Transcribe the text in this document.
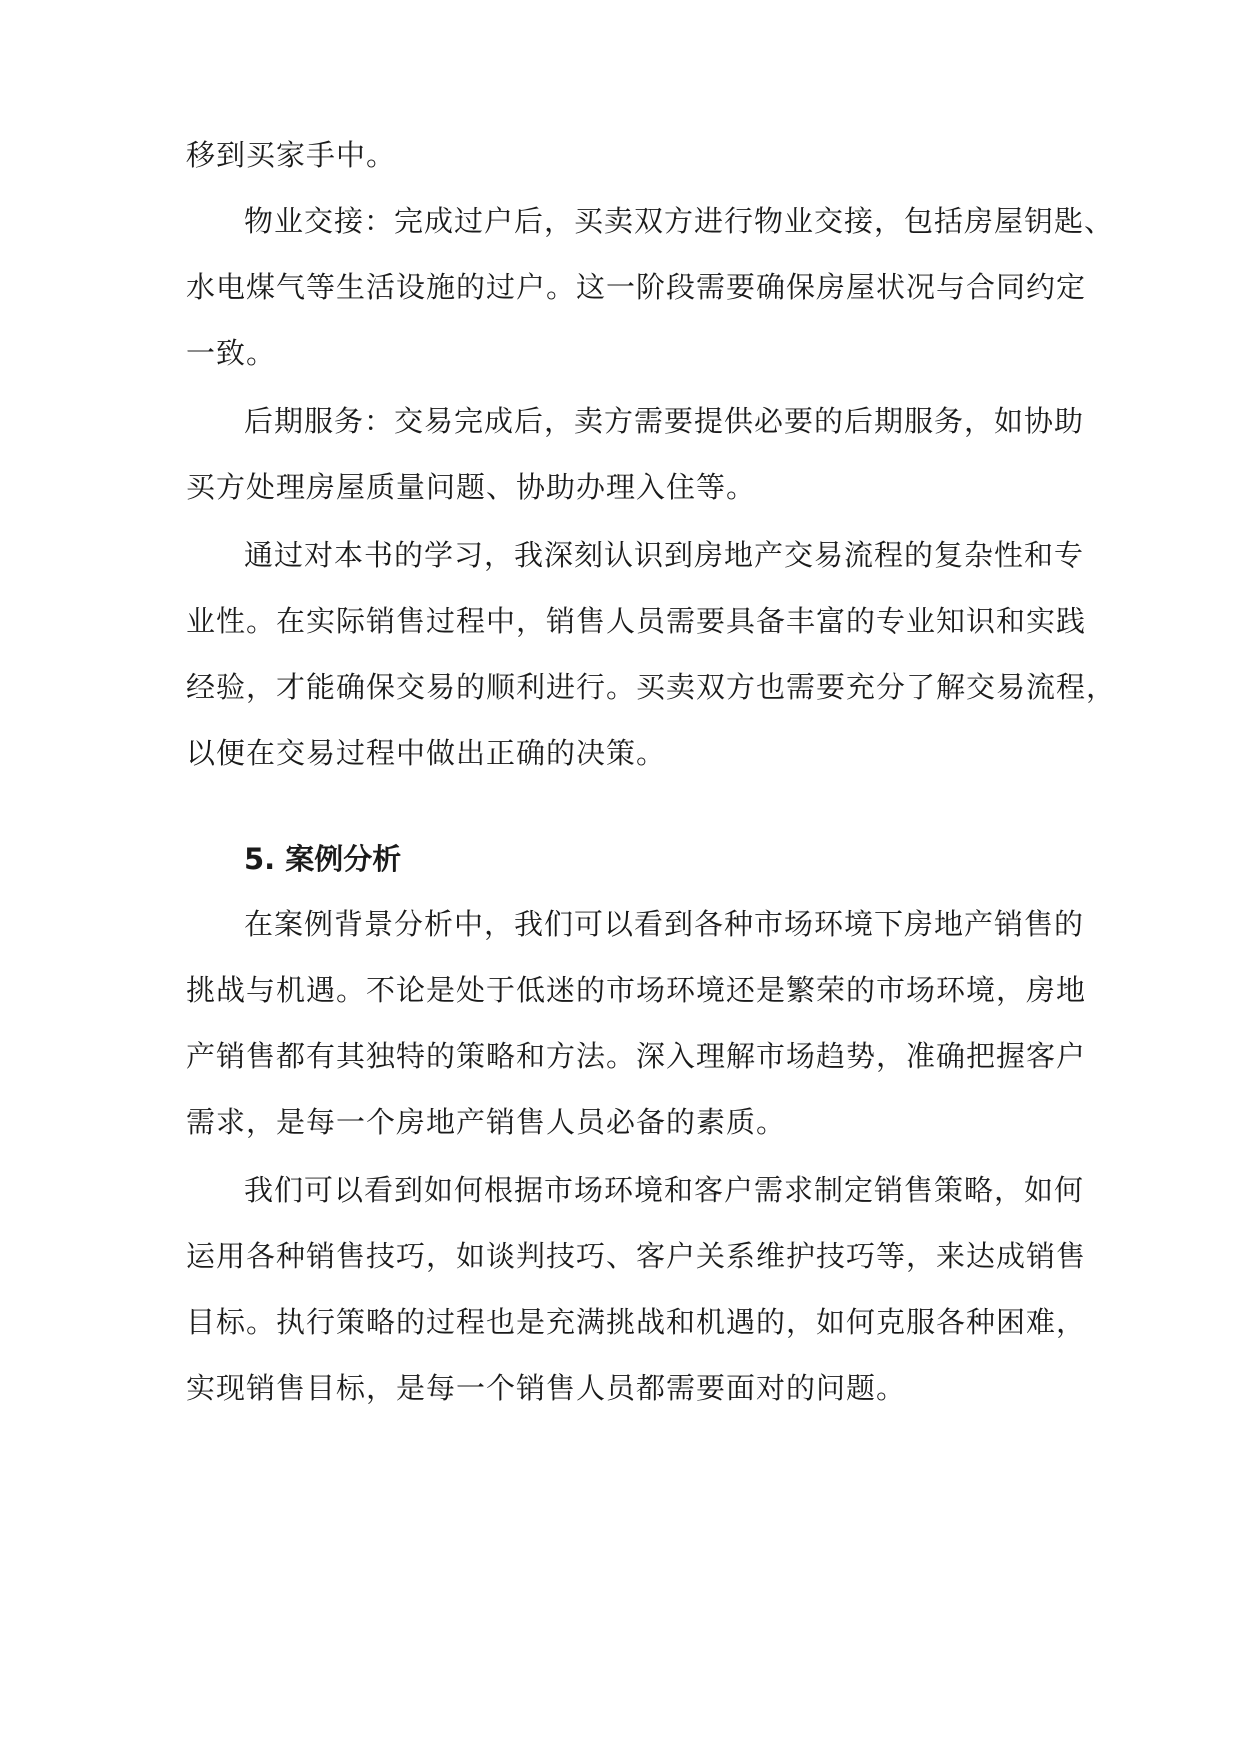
移到买家手中。
物业交接：完成过户后，买卖双方进行物业交接，包括房屋钥匙、
水电煤气等生活设施的过户。这一阶段需要确保房屋状况与合同约定
一致。
后期服务：交易完成后，卖方需要提供必要的后期服务，如协助
买方处理房屋质量问题、协助办理入住等。
通过对本书的学习，我深刻认识到房地产交易流程的复杂性和专
业性。在实际销售过程中，销售人员需要具备丰富的专业知识和实践
经验，才能确保交易的顺利进行。买卖双方也需要充分了解交易流程，
以便在交易过程中做出正确的决策。
5. 案例分析
在案例背景分析中，我们可以看到各种市场环境下房地产销售的
挑战与机遇。不论是处于低迷的市场环境还是繁荣的市场环境，房地
产销售都有其独特的策略和方法。深入理解市场趋势，准确把握客户
需求，是每一个房地产销售人员必备的素质。
我们可以看到如何根据市场环境和客户需求制定销售策略，如何
运用各种销售技巧，如谈判技巧、客户关系维护技巧等，来达成销售
目标。执行策略的过程也是充满挑战和机遇的，如何克服各种困难，
实现销售目标，是每一个销售人员都需要面对的问题。
